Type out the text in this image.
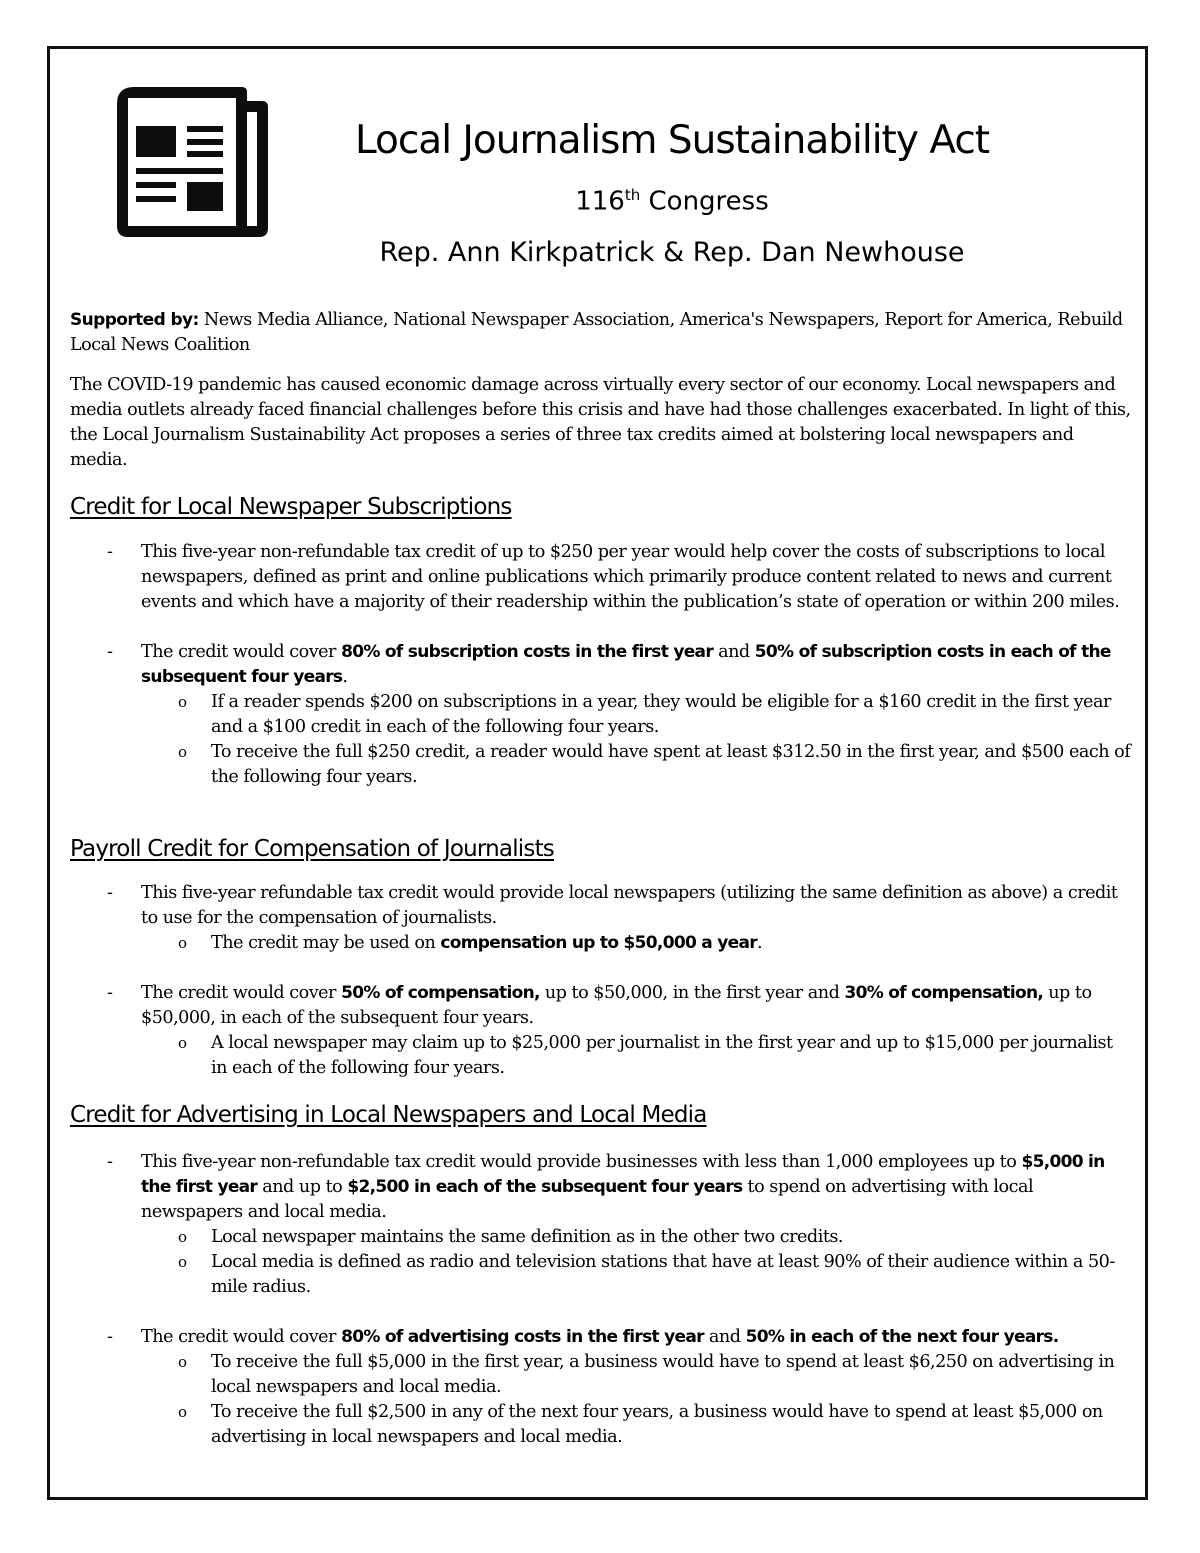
Local Journalism Sustainability Act
116th Congress
Rep. Ann Kirkpatrick & Rep. Dan Newhouse
Supported by: News Media Alliance, National Newspaper Association, America's Newspapers, Report for America, Rebuild Local News Coalition
The COVID-19 pandemic has caused economic damage across virtually every sector of our economy. Local newspapers and media outlets already faced financial challenges before this crisis and have had those challenges exacerbated. In light of this, the Local Journalism Sustainability Act proposes a series of three tax credits aimed at bolstering local newspapers and media.
Credit for Local Newspaper Subscriptions
- This five-year non-refundable tax credit of up to $250 per year would help cover the costs of subscriptions to local newspapers, defined as print and online publications which primarily produce content related to news and current events and which have a majority of their readership within the publication’s state of operation or within 200 miles.
- The credit would cover 80% of subscription costs in the first year and 50% of subscription costs in each of the subsequent four years.
o If a reader spends $200 on subscriptions in a year, they would be eligible for a $160 credit in the first year and a $100 credit in each of the following four years.
o To receive the full $250 credit, a reader would have spent at least $312.50 in the first year, and $500 each of the following four years.
Payroll Credit for Compensation of Journalists
- This five-year refundable tax credit would provide local newspapers (utilizing the same definition as above) a credit to use for the compensation of journalists.
o The credit may be used on compensation up to $50,000 a year.
- The credit would cover 50% of compensation, up to $50,000, in the first year and 30% of compensation, up to $50,000, in each of the subsequent four years.
o A local newspaper may claim up to $25,000 per journalist in the first year and up to $15,000 per journalist in each of the following four years.
Credit for Advertising in Local Newspapers and Local Media
- This five-year non-refundable tax credit would provide businesses with less than 1,000 employees up to $5,000 in the first year and up to $2,500 in each of the subsequent four years to spend on advertising with local newspapers and local media.
o Local newspaper maintains the same definition as in the other two credits.
o Local media is defined as radio and television stations that have at least 90% of their audience within a 50-mile radius.
- The credit would cover 80% of advertising costs in the first year and 50% in each of the next four years.
o To receive the full $5,000 in the first year, a business would have to spend at least $6,250 on advertising in local newspapers and local media.
o To receive the full $2,500 in any of the next four years, a business would have to spend at least $5,000 on advertising in local newspapers and local media.
